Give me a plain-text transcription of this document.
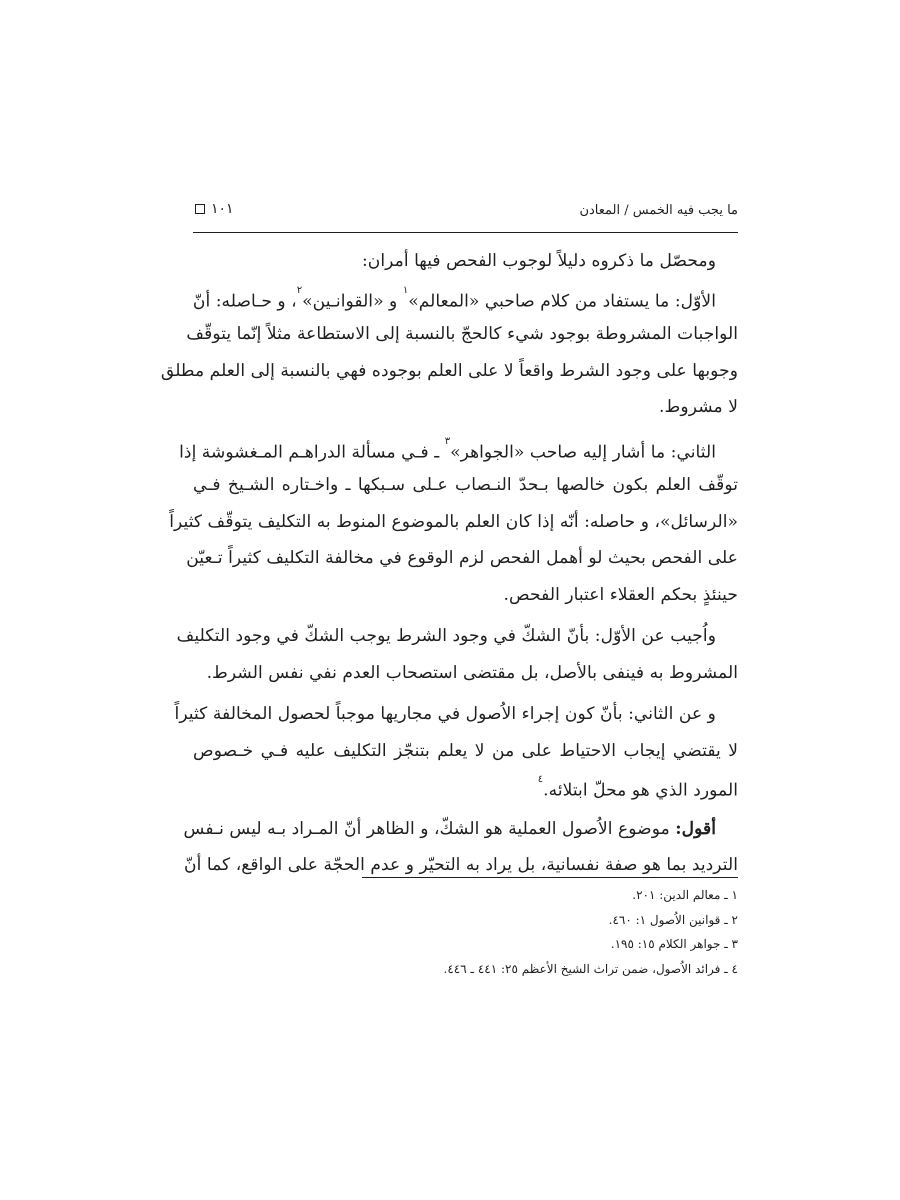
ما يجب فيه الخمس / المعادن
١٠١
ومحصّل ما ذكروه دليلاً لوجوب الفحص فيها أمران:
الأوّل: ما يستفاد من كلام صاحبي «المعالم»$^١$ و «القوانـين»$^٢$، و حـاصله: أنّ
الواجبات المشروطة بوجود شيء كالحجّ بالنسبة إلى الاستطاعة مثلاً إنّما يتوقّف
وجوبها على وجود الشرط واقعاً لا على العلم بوجوده فهي بالنسبة إلى العلم مطلق
لا مشروط.
الثاني: ما أشار إليه صاحب «الجواهر»$^٣$ ـ فـي مسألة الدراهـم المـغشوشة إذا
توقّف العلم بكون خالصها بـحدّ النـصاب عـلى سـبكها ـ واخـتاره الشـيخ فـي
«الرسائل»، و حاصله: أنّه إذا كان العلم بالموضوع المنوط به التكليف يتوقّف كثيراً
على الفحص بحيث لو أهمل الفحص لزم الوقوع في مخالفة التكليف كثيراً تـعيّن
حينئذٍ بحكم العقلاء اعتبار الفحص.
واُجيب عن الأوّل: بأنّ الشكّ في وجود الشرط يوجب الشكّ في وجود التكليف
المشروط به فينفى بالأصل، بل مقتضى استصحاب العدم نفي نفس الشرط.
و عن الثاني: بأنّ كون إجراء الاُصول في مجاريها موجباً لحصول المخالفة كثيراً
لا يقتضي إيجاب الاحتياط على من لا يعلم بتنجّز التكليف عليه فـي خـصوص
المورد الذي هو محلّ ابتلائه.$^٤$
أقول: موضوع الاُصول العملية هو الشكّ، و الظاهر أنّ المـراد بـه ليس نـفس
الترديد بما هو صفة نفسانية، بل يراد به التحيّر و عدم الحجّة على الواقع، كما أنّ
١ ـ معالم الدين: ٢٠١.
٢ ـ قوانين الاُصول ١: ٤٦٠.
٣ ـ جواهر الكلام ١٥: ١٩٥.
٤ ـ فرائد الاُصول، ضمن تراث الشيخ الأعظم ٢٥: ٤٤١ ـ ٤٤٦.
